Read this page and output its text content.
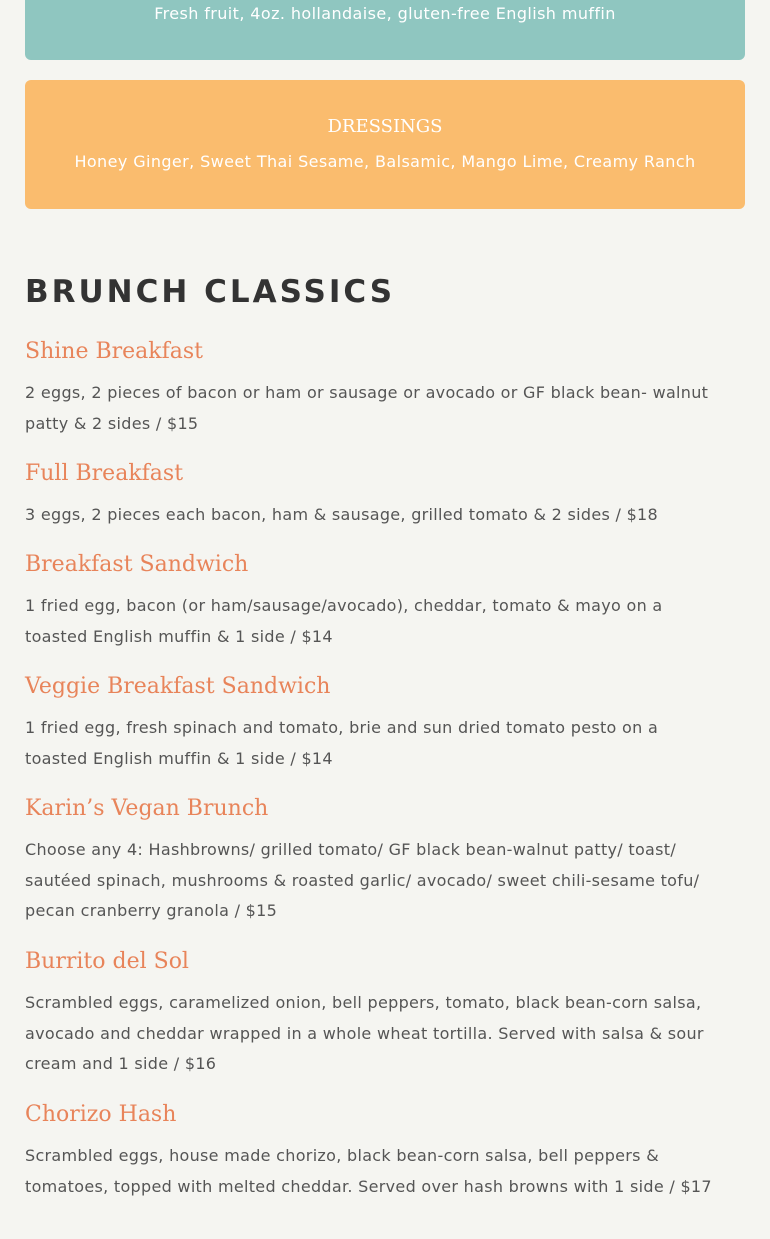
Fresh fruit, 4oz. hollandaise, gluten-free English muffin
DRESSINGS
Honey Ginger, Sweet Thai Sesame, Balsamic, Mango Lime, Creamy Ranch
BRUNCH CLASSICS
Shine Breakfast

2 eggs, 2 pieces of bacon or ham or sausage or avocado or GF black bean- walnut patty & 2 sides / $15

Full Breakfast

3 eggs, 2 pieces each bacon, ham & sausage, grilled tomato & 2 sides / $18

Breakfast Sandwich

1 fried egg, bacon (or ham/sausage/avocado), cheddar, tomato & mayo on a toasted English muffin & 1 side / $14

Veggie Breakfast Sandwich

1 fried egg, fresh spinach and tomato, brie and sun dried tomato pesto on a toasted English muffin & 1 side / $14

Karin’s Vegan Brunch

Choose any 4: Hashbrowns/ grilled tomato/ GF black bean-walnut patty/ toast/ sautéed spinach, mushrooms & roasted garlic/ avocado/ sweet chili-sesame tofu/ pecan cranberry granola / $15

Burrito del Sol

Scrambled eggs, caramelized onion, bell peppers, tomato, black bean-corn salsa, avocado and cheddar wrapped in a whole wheat tortilla. Served with salsa & sour cream and 1 side / $16

Chorizo Hash

Scrambled eggs, house made chorizo, black bean-corn salsa, bell peppers & tomatoes, topped with melted cheddar. Served over hash browns with 1 side / $17
